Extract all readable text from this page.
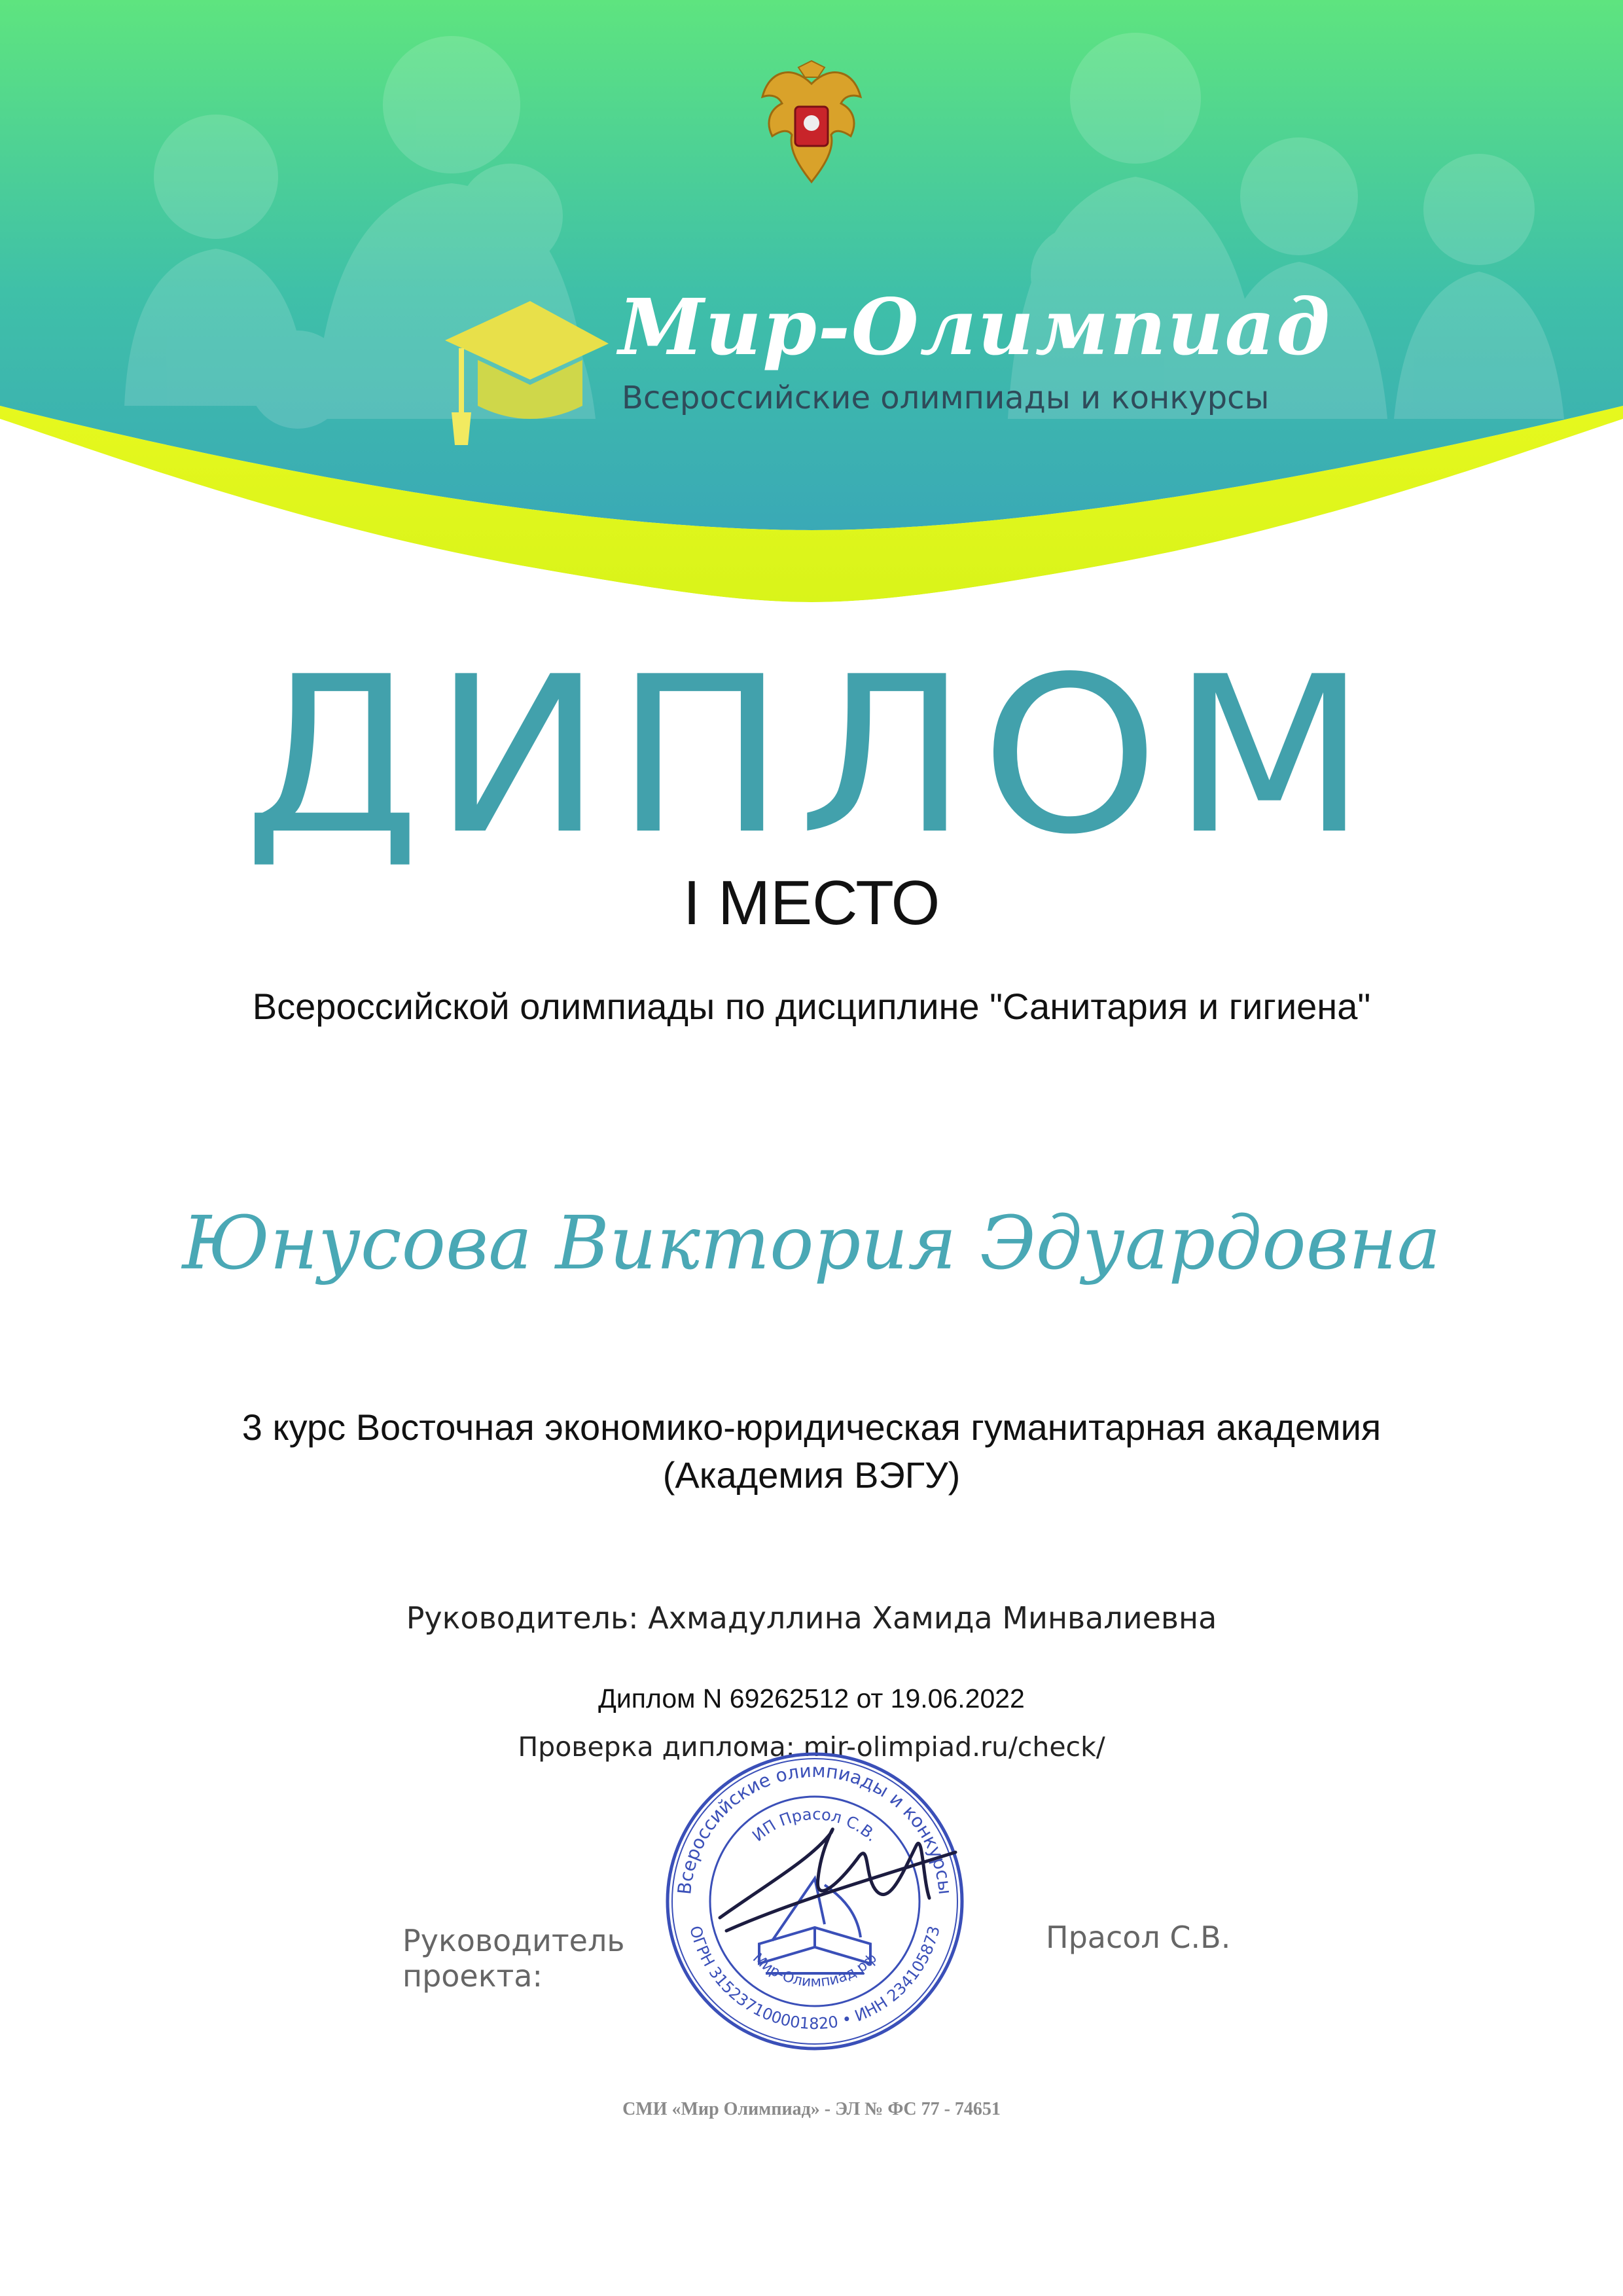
Мир-Олимпиад
Всероссийские олимпиады и конкурсы
ДИПЛОМ
I МЕСТО
Всероссийской олимпиады по дисциплине "Санитария и гигиена"
Юнусова Виктория Эдуардовна
3 курс Восточная экономико-юридическая гуманитарная академия
(Академия ВЭГУ)
Руководитель: Ахмадуллина Хамида Минвалиевна
Диплом N 69262512 от 19.06.2022
Проверка диплома: mir-olimpiad.ru/check/
Руководитель
проекта:
Всероссийские олимпиады и конкурсы
ОГРН 315237100001820 • ИНН 234105873
ИП Прасол С.В.
Мир-Олимпиад.рф
Прасол С.В.
СМИ «Мир Олимпиад» - ЭЛ № ФС 77 - 74651
